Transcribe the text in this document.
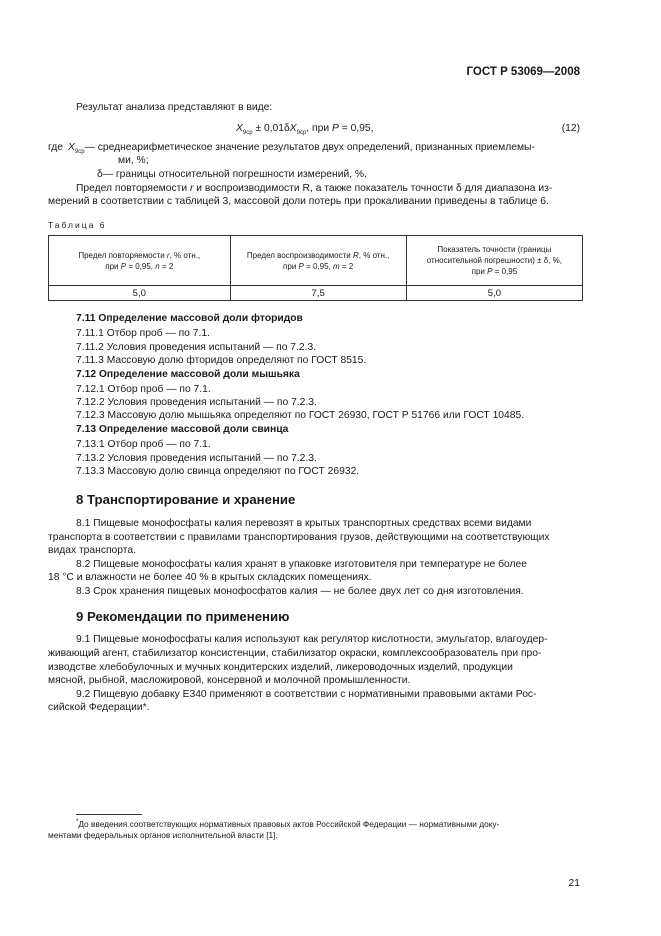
ГОСТ Р 53069—2008
Результат анализа представляют в виде:
$X_{9ср} \pm 0,01\delta X_{9ср}$, при P = 0,95,	(12)
где $X_{9ср}—$ среднеарифметическое значение результатов двух определений, признанных приемлемы-
ми, %;
δ— границы относительной погрешности измерений, %.
Предел повторяемости r и воспроизводимости R, а также показатель точности δ для диапазона из-
мерений в соответствии с таблицей 3, массовой доли потерь при прокаливании приведены в таблице 6.
Таблица 6
Предел повторяемости r, % отн.,
при P = 0,95, n = 2	Предел воспроизводимости R, % отн.,
при P = 0,95, m = 2	Показатель точности (границы
относительной погрешности) ± δ, %,
при P = 0,95
5,0	7,5	5,0
7.11 Определение массовой доли фторидов
7.11.1 Отбор проб — по 7.1.
7.11.2 Условия проведения испытаний — по 7.2.3.
7.11.3 Массовую долю фторидов определяют по ГОСТ 8515.
7.12 Определение массовой доли мышьяка
7.12.1 Отбор проб — по 7.1.
7.12.2 Условия проведения испытаний — по 7.2.3.
7.12.3 Массовую долю мышьяка определяют по ГОСТ 26930, ГОСТ Р 51766 или ГОСТ 10485.
7.13 Определение массовой доли свинца
7.13.1 Отбор проб — по 7.1.
7.13.2 Условия проведения испытаний — по 7.2.3.
7.13.3 Массовую долю свинца определяют по ГОСТ 26932.
8 Транспортирование и хранение
8.1 Пищевые монофосфаты калия перевозят в крытых транспортных средствах всеми видами
транспорта в соответствии с правилами транспортирования грузов, действующими на соответствующих
видах транспорта.
8.2 Пищевые монофосфаты калия хранят в упаковке изготовителя при температуре не более
18 °С и влажности не более 40 % в крытых складских помещениях.
8.3 Срок хранения пищевых монофосфатов калия — не более двух лет со дня изготовления.
9 Рекомендации по применению
9.1 Пищевые монофосфаты калия используют как регулятор кислотности, эмульгатор, влагоудер-
живающий агент, стабилизатор консистенции, стабилизатор окраски, комплексообразователь при про-
изводстве хлебобулочных и мучных кондитерских изделий, ликероводочных изделий, продукции
мясной, рыбной, масложировой, консервной и молочной промышленности.
9.2 Пищевую добавку Е340 применяют в соответствии с нормативными правовыми актами Рос-
сийской Федерации*.
*До введения соответствующих нормативных правовых актов Российской Федерации — нормативными доку-
ментами федеральных органов исполнительной власти [1].
21
